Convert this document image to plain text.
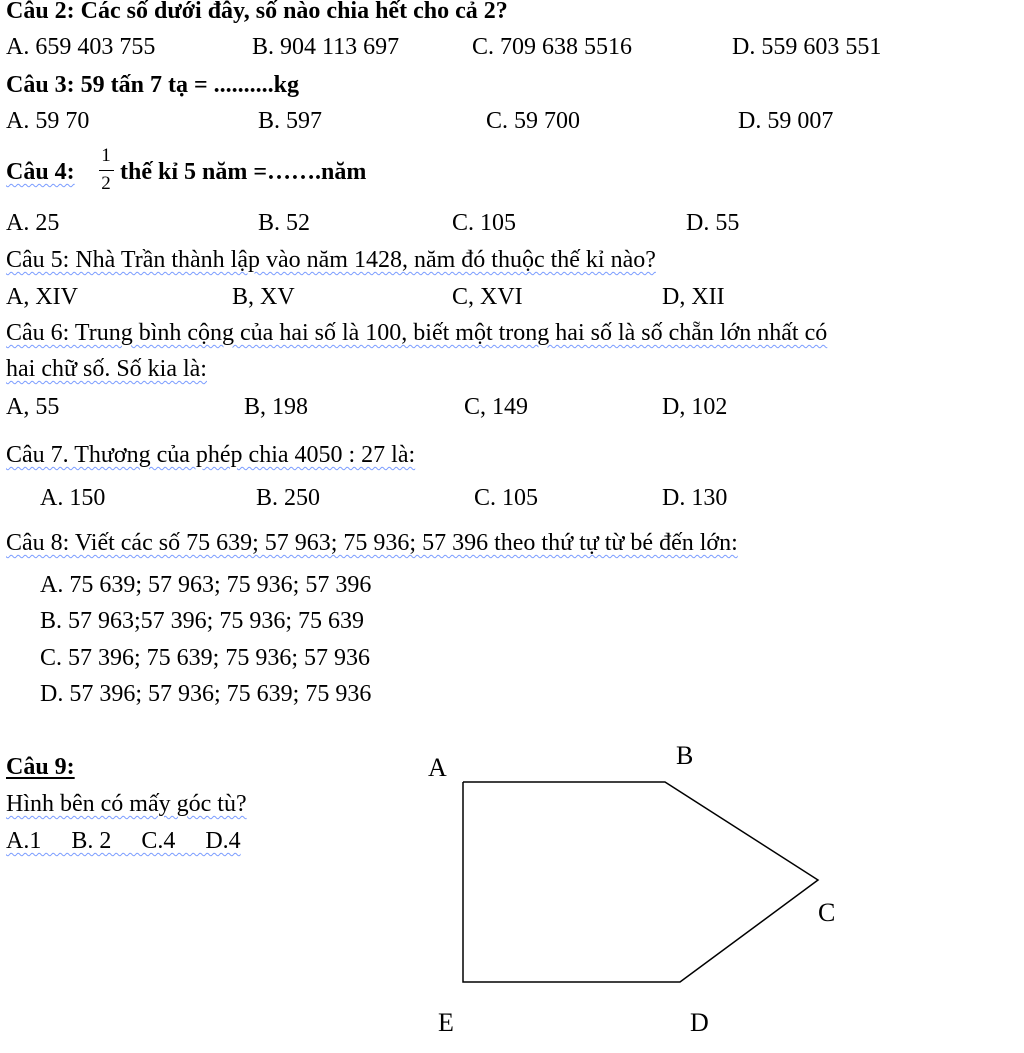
Câu 2: Các số dưới đây, số nào chia hết cho cả 2?
A. 659 403 755	B. 904 113 697	C. 709 638 5516	D. 559 603 551
Câu 3: 59 tấn 7 tạ = ..........kg
A. 59 70	B. 597	C. 59 700	D. 59 007
Câu 4:
1
2 thế kỉ 5 năm =…….năm
A. 25	B. 52	C. 105	D. 55
Câu 5: Nhà Trần thành lập vào năm 1428, năm đó thuộc thế kỉ nào?
A, XIV	B, XV	C, XVI	D, XII
Câu 6: Trung bình cộng của hai số là 100, biết một trong hai số là số chẵn lớn nhất có
hai chữ số. Số kia là:
A, 55	B, 198	C, 149	D, 102
Câu 7. Thương của phép chia 4050 : 27 là:
A. 150	B. 250	C. 105	D. 130
Câu 8: Viết các số 75 639; 57 963; 75 936; 57 396 theo thứ tự từ bé đến lớn:
A. 75 639; 57 963; 75 936; 57 396
B. 57 963;57 396; 75 936; 75 639
C. 57 396; 75 639; 75 936; 57 936
D. 57 396; 57 936; 75 639; 75 936
Câu 9:
Hình bên có mấy góc tù?
A.1     B. 2     C.4     D.4
A	B
C
D
E
